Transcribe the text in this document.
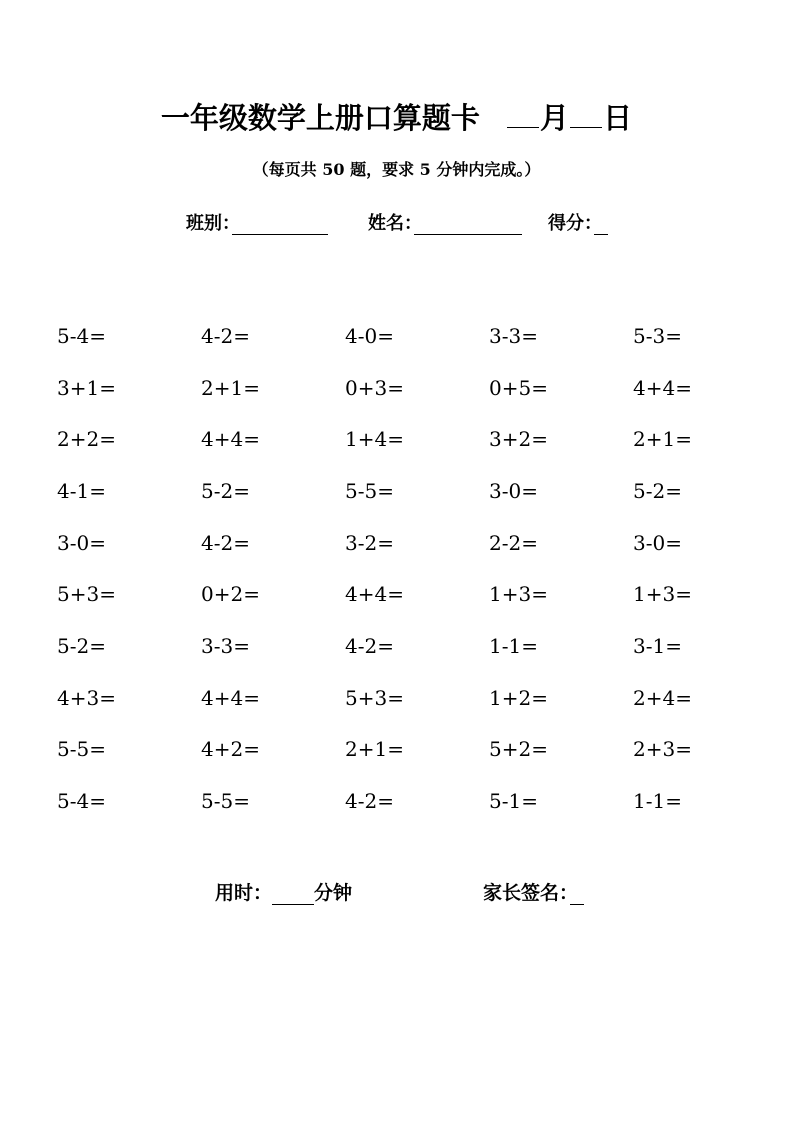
一年级数学上册口算题卡 月 日
（每页共 50 题，要求 5 分钟内完成。）
班别：	姓名：	得分：
5-4=	4-2=	4-0=	3-3=	5-3=
3+1=	2+1=	0+3=	0+5=	4+4=
2+2=	4+4=	1+4=	3+2=	2+1=
4-1=	5-2=	5-5=	3-0=	5-2=
3-0=	4-2=	3-2=	2-2=	3-0=
5+3=	0+2=	4+4=	1+3=	1+3=
5-2=	3-3=	4-2=	1-1=	3-1=
4+3=	4+4=	5+3=	1+2=	2+4=
5-5=	4+2=	2+1=	5+2=	2+3=
5-4=	5-5=	4-2=	5-1=	1-1=
用时： 分钟	家长签名：
